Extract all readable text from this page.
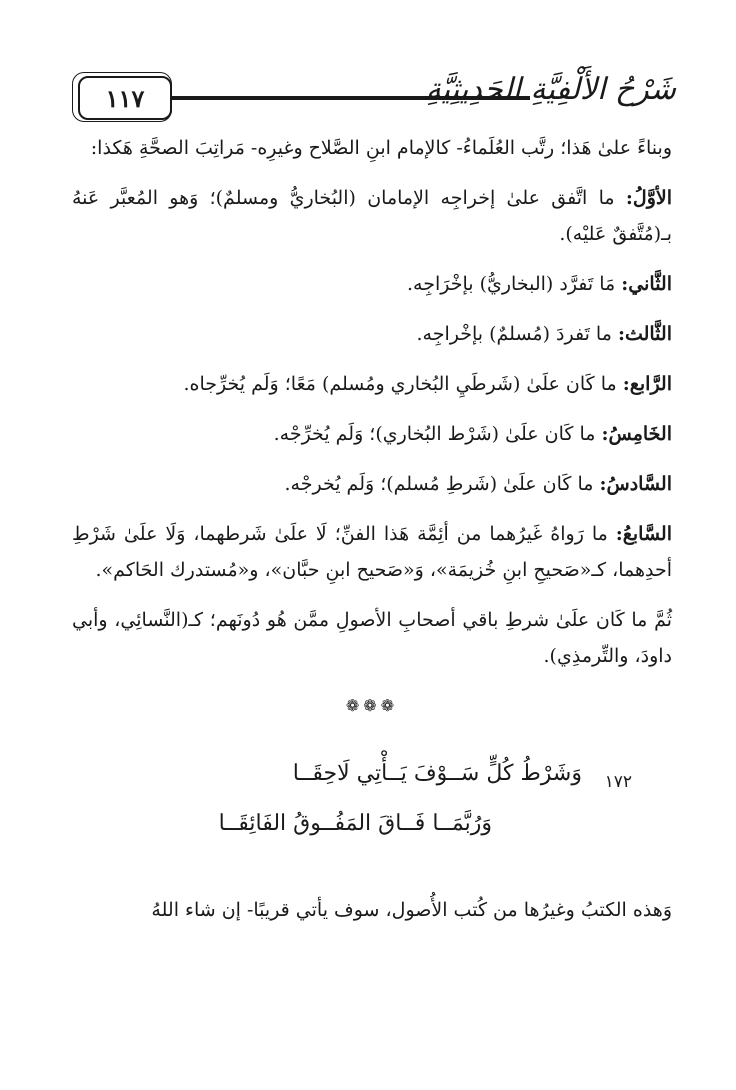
١١٧	شَرْحُ الأَلْفِيَّةِ الحَدِيثِيَّةِ

وبناءً علىٰ هَذا؛ رتَّب العُلَماءُ- كالإمام ابنِ الصَّلاح وغيرِه- مَراتِبَ الصحَّةِ هَكذا:

الأوَّلُ: ما اتَّفق علىٰ إخراجِه الإمامان (البُخاريُّ ومسلمٌ)؛ وَهو المُعبَّر عَنهُ بـ(مُتَّفقٌ عَليْه).

الثَّاني: مَا تَفرَّد (البخاريُّ) بإخْرَاجِه.

الثَّالث: ما تَفردَ (مُسلمٌ) بإخْراجِه.

الرَّابع: ما كَان علَىٰ (شَرطَيِ البُخاري ومُسلم) مَعًا؛ وَلَم يُخرِّجاه.

الخَامِسُ: ما كَان علَىٰ (شَرْط البُخاري)؛ وَلَم يُخرِّجْه.

السَّادسُ: ما كَان علَىٰ (شَرطِ مُسلم)؛ وَلَم يُخرجْه.

السَّابعُ: ما رَواهُ غَيرُهما من أئِمَّة هَذا الفنِّ؛ لَا علَىٰ شَرطهما، وَلَا علَىٰ شَرْطِ أحدِهما، كـ«صَحيحِ ابنِ خُزيمَة»، وَ«صَحيح ابنِ حبَّان»، و«مُستدرك الحَاكم».

ثُمَّ ما كَان علَىٰ شرطِ باقي أصحابِ الأصولِ ممَّن هُو دُونَهم؛ كـ(النَّسائِي، وأبي داودَ، والتِّرمذِي).

❁❁❁
١٧٢
وَشَرْطُ كُلٍّ سَــوْفَ يَــأْتِي لَاحِقَــا
وَرُبَّمَــا فَــاقَ المَفُــوقُ الفَائِقَــا

وَهذه الكتبُ وغيرُها من كُتب الأُصول، سوف يأتي قريبًا- إن شاء اللهُ
